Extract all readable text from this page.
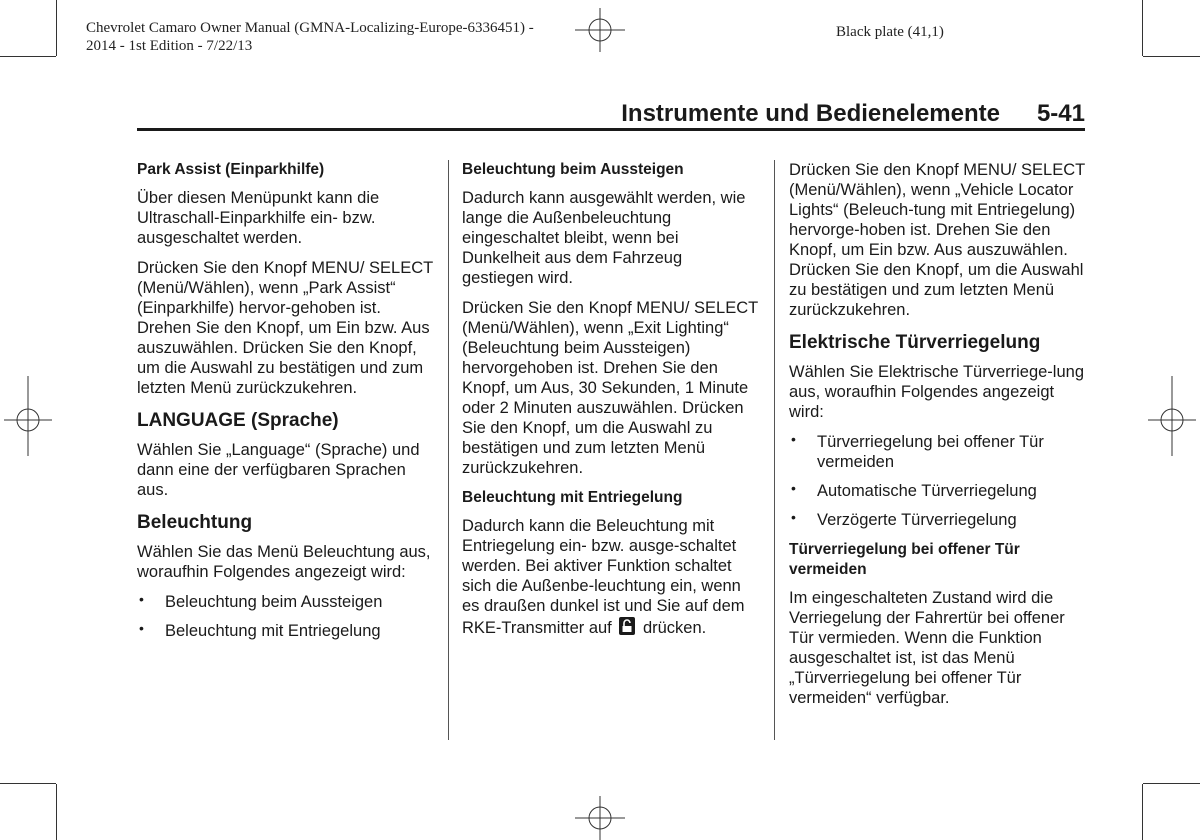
Chevrolet Camaro Owner Manual (GMNA-Localizing-Europe-6336451) -
2014 - 1st Edition - 7/22/13
Black plate (41,1)
Instrumente und Bedienelemente	5-41
Park Assist (Einparkhilfe)

Über diesen Menüpunkt kann die Ultraschall-Einparkhilfe ein- bzw. ausgeschaltet werden.

Drücken Sie den Knopf MENU/ SELECT (Menü/Wählen), wenn „Park Assist“ (Einparkhilfe) hervor-gehoben ist. Drehen Sie den Knopf, um Ein bzw. Aus auszuwählen. Drücken Sie den Knopf, um die Auswahl zu bestätigen und zum letzten Menü zurückzukehren.

LANGUAGE (Sprache)

Wählen Sie „Language“ (Sprache) und dann eine der verfügbaren Sprachen aus.

Beleuchtung

Wählen Sie das Menü Beleuchtung aus, woraufhin Folgendes angezeigt wird:

• Beleuchtung beim Aussteigen
• Beleuchtung mit Entriegelung
Beleuchtung beim Aussteigen

Dadurch kann ausgewählt werden, wie lange die Außenbeleuchtung eingeschaltet bleibt, wenn bei Dunkelheit aus dem Fahrzeug gestiegen wird.

Drücken Sie den Knopf MENU/ SELECT (Menü/Wählen), wenn „Exit Lighting“ (Beleuchtung beim Aussteigen) hervorgehoben ist. Drehen Sie den Knopf, um Aus, 30 Sekunden, 1 Minute oder 2 Minuten auszuwählen. Drücken Sie den Knopf, um die Auswahl zu bestätigen und zum letzten Menü zurückzukehren.

Beleuchtung mit Entriegelung

Dadurch kann die Beleuchtung mit Entriegelung ein- bzw. ausge-schaltet werden. Bei aktiver Funktion schaltet sich die Außenbe-leuchtung ein, wenn es draußen dunkel ist und Sie auf dem RKE-Transmitter auf drücken.

Drücken Sie den Knopf MENU/ SELECT (Menü/Wählen), wenn „Vehicle Locator Lights“ (Beleuch-tung mit Entriegelung) hervorge-hoben ist. Drehen Sie den Knopf, um Ein bzw. Aus auszuwählen. Drücken Sie den Knopf, um die Auswahl zu bestätigen und zum letzten Menü zurückzukehren.

Elektrische Türverriegelung

Wählen Sie Elektrische Türverriege-lung aus, woraufhin Folgendes angezeigt wird:

• Türverriegelung bei offener Tür vermeiden
• Automatische Türverriegelung
• Verzögerte Türverriegelung
Türverriegelung bei offener Tür vermeiden

Im eingeschalteten Zustand wird die Verriegelung der Fahrertür bei offener Tür vermieden. Wenn die Funktion ausgeschaltet ist, ist das Menü „Türverriegelung bei offener Tür vermeiden“ verfügbar.
